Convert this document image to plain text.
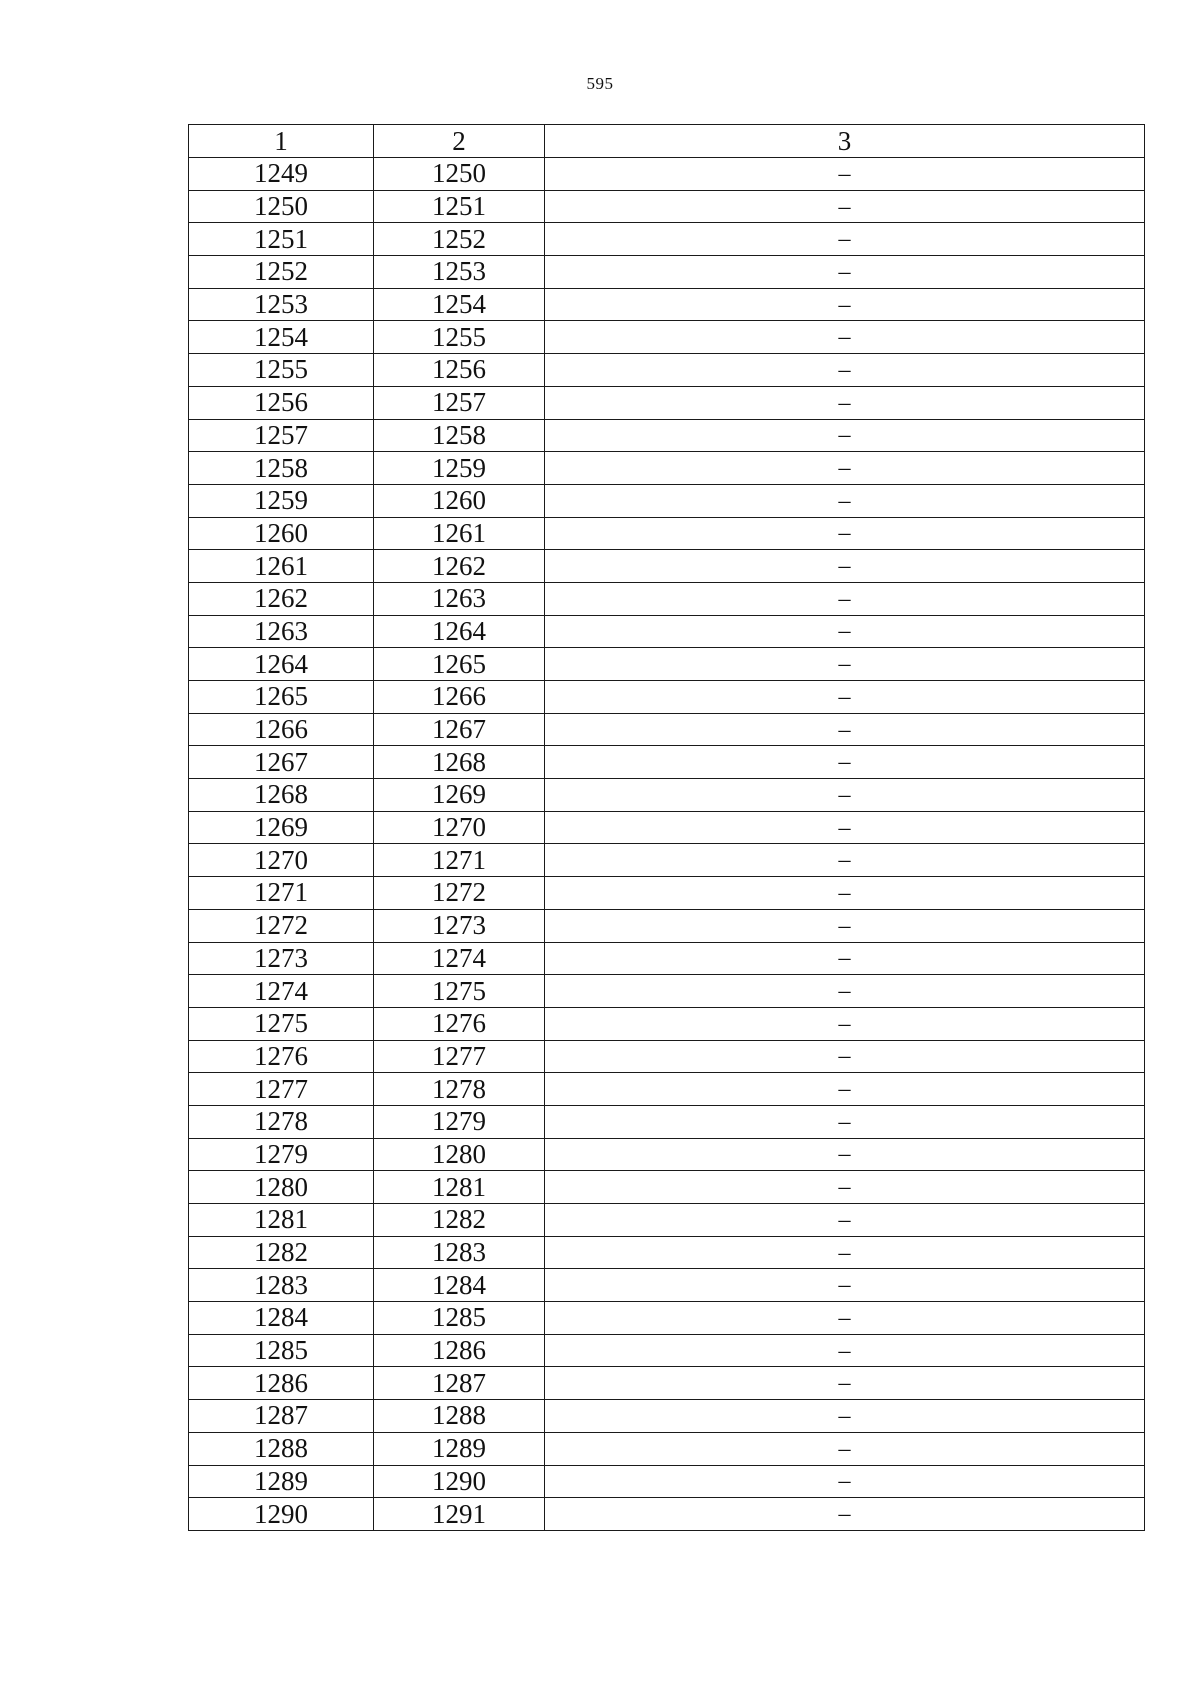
595
1	2	3
1249	1250	–
1250	1251	–
1251	1252	–
1252	1253	–
1253	1254	–
1254	1255	–
1255	1256	–
1256	1257	–
1257	1258	–
1258	1259	–
1259	1260	–
1260	1261	–
1261	1262	–
1262	1263	–
1263	1264	–
1264	1265	–
1265	1266	–
1266	1267	–
1267	1268	–
1268	1269	–
1269	1270	–
1270	1271	–
1271	1272	–
1272	1273	–
1273	1274	–
1274	1275	–
1275	1276	–
1276	1277	–
1277	1278	–
1278	1279	–
1279	1280	–
1280	1281	–
1281	1282	–
1282	1283	–
1283	1284	–
1284	1285	–
1285	1286	–
1286	1287	–
1287	1288	–
1288	1289	–
1289	1290	–
1290	1291	–
